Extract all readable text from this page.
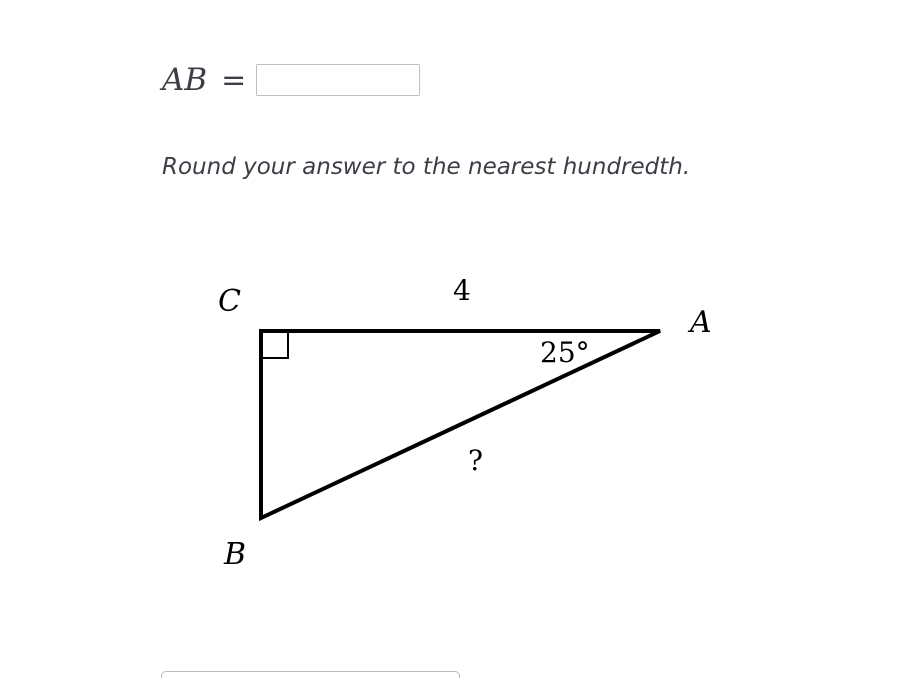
AB =
Round your answer to the nearest hundredth.
C
A
B
4
25°
?
